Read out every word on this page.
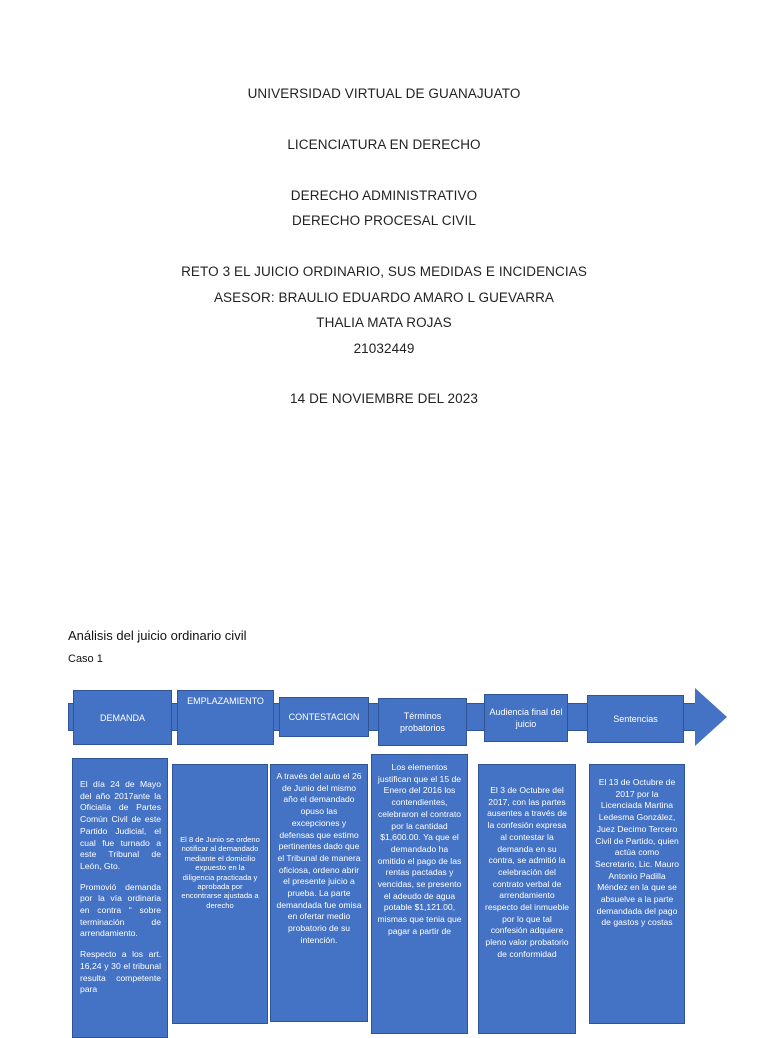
UNIVERSIDAD VIRTUAL DE GUANAJUATO
LICENCIATURA EN DERECHO
DERECHO ADMINISTRATIVO
DERECHO PROCESAL CIVIL
RETO 3 EL JUICIO ORDINARIO, SUS MEDIDAS E INCIDENCIAS
ASESOR: BRAULIO EDUARDO AMARO L GUEVARRA
THALIA MATA ROJAS
21032449
14 DE NOVIEMBRE DEL 2023
Análisis del juicio ordinario civil
Caso 1
DEMANDA
EMPLAZAMIENTO
CONTESTACION	Términos probatorios
Audiencia final del juicio	Sentencias

El día 24 de Mayo del año 2017ante la Oficialía de Partes Común Civil de este Partido Judicial, el cual fue turnado a este Tribunal de León, Gto.

Promovió demanda por la vía ordinaria en contra “ sobre terminación de arrendamiento.

Respecto a los art. 16,24 y 30 el tribunal resulta competente para

El 8 de Junio se ordeno notificar al demandado mediante el domicilio expuesto en la diligencia practicada y aprobada por encontrarse ajustada a derecho

A través del auto el 26 de Junio del mismo año el demandado opuso las excepciones y defensas que estimo pertinentes dado que el Tribunal de manera oficiosa, ordeno abrir el presente juicio a prueba. La parte demandada fue omisa en ofertar medio probatorio de su intención.

Los elementos justifican que el 15 de Enero del 2016 los contendientes, celebraron el contrato por la cantidad $1,600.00. Ya que el demandado ha omitido el pago de las rentas pactadas y vencidas, se presento el adeudo de agua potable $1,121.00, mismas que tenia que pagar a partir de

El 3 de Octubre del 2017, con las partes ausentes a través de la confesión expresa al contestar la demanda en su contra, se admitió la celebración del contrato verbal de arrendamiento respecto del inmueble por lo que tal confesión adquiere pleno valor probatorio de conformidad

El 13 de Octubre de 2017 por la Licenciada Martina Ledesma González, Juez Decimo Tercero Civil de Partido, quien actúa como Secretario, Lic. Mauro Antonio Padilla Méndez en la que se absuelve a la parte demandada del pago de gastos y costas
